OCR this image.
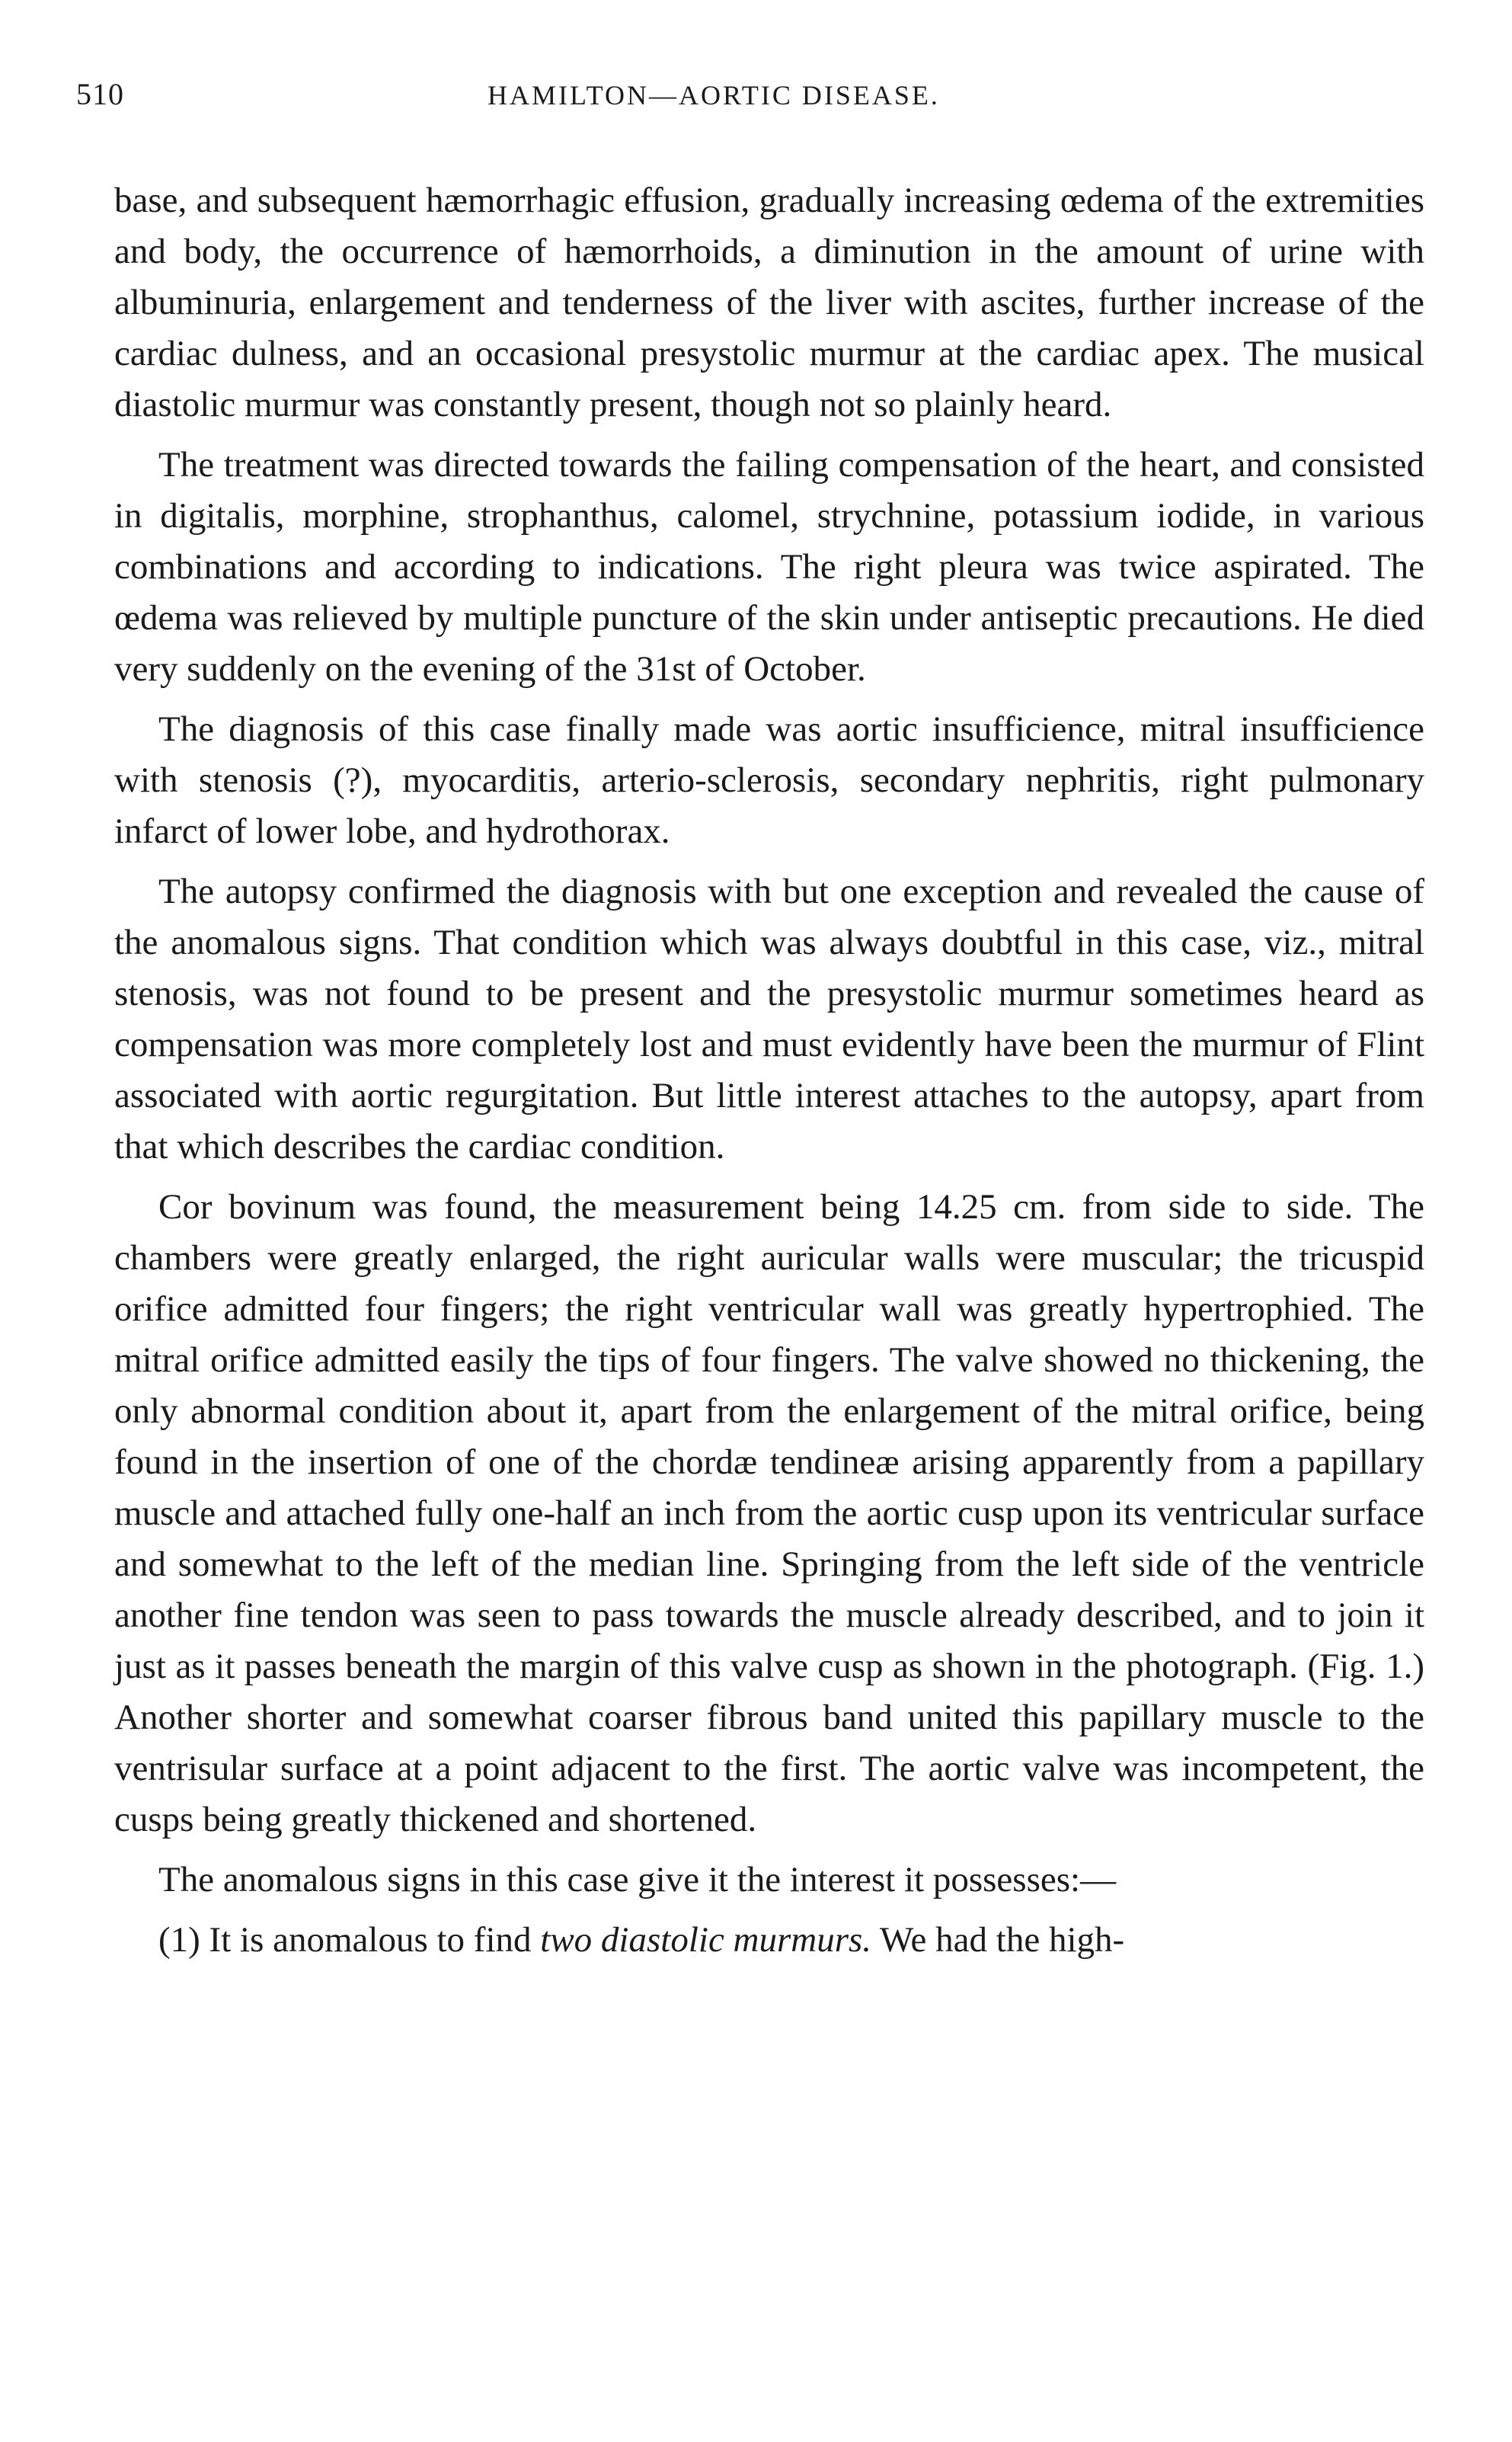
510	HAMILTON—AORTIC DISEASE.

base, and subsequent hæmorrhagic effusion, gradually increasing œdema of the extremities and body, the occurrence of hæmorrhoids, a diminution in the amount of urine with albuminuria, enlargement and tenderness of the liver with ascites, further increase of the cardiac dulness, and an occasional presystolic murmur at the cardiac apex. The musical diastolic murmur was constantly present, though not so plainly heard.

The treatment was directed towards the failing compensation of the heart, and consisted in digitalis, morphine, strophanthus, calomel, strychnine, potassium iodide, in various combinations and according to indications. The right pleura was twice aspirated. The œdema was relieved by multiple puncture of the skin under antiseptic precautions. He died very suddenly on the evening of the 31st of October.

The diagnosis of this case finally made was aortic insufficience, mitral insufficience with stenosis (?), myocarditis, arterio-sclerosis, secondary nephritis, right pulmonary infarct of lower lobe, and hydrothorax.

The autopsy confirmed the diagnosis with but one exception and revealed the cause of the anomalous signs. That condition which was always doubtful in this case, viz., mitral stenosis, was not found to be present and the presystolic murmur sometimes heard as compensation was more completely lost and must evidently have been the murmur of Flint associated with aortic regurgitation. But little interest attaches to the autopsy, apart from that which describes the cardiac condition.

Cor bovinum was found, the measurement being 14.25 cm. from side to side. The chambers were greatly enlarged, the right auricular walls were muscular; the tricuspid orifice admitted four fingers; the right ventricular wall was greatly hypertrophied. The mitral orifice admitted easily the tips of four fingers. The valve showed no thickening, the only abnormal condition about it, apart from the enlargement of the mitral orifice, being found in the insertion of one of the chordæ tendineæ arising apparently from a papillary muscle and attached fully one-half an inch from the aortic cusp upon its ventricular surface and somewhat to the left of the median line. Springing from the left side of the ventricle another fine tendon was seen to pass towards the muscle already described, and to join it just as it passes beneath the margin of this valve cusp as shown in the photograph. (Fig. 1.) Another shorter and somewhat coarser fibrous band united this papillary muscle to the ventrisular surface at a point adjacent to the first. The aortic valve was incompetent, the cusps being greatly thickened and shortened.

The anomalous signs in this case give it the interest it possesses:—

(1) It is anomalous to find two diastolic murmurs. We had the high-
